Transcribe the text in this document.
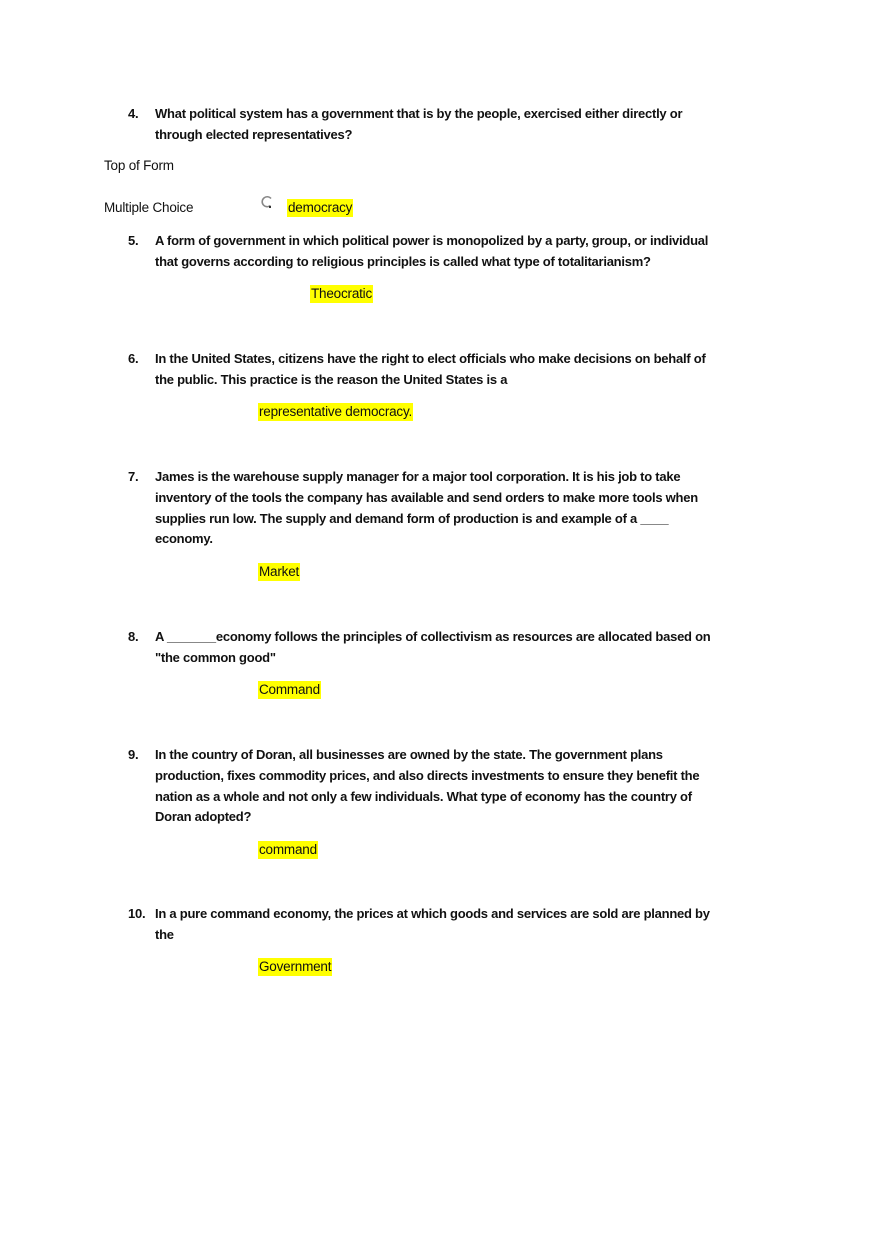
4. What political system has a government that is by the people, exercised either directly or
through elected representatives?
Top of Form
Multiple Choice	democracy
5. A form of government in which political power is monopolized by a party, group, or individual
that governs according to religious principles is called what type of totalitarianism?
Theocratic
6. In the United States, citizens have the right to elect ofﬁcials who make decisions on behalf of
the public. This practice is the reason the United States is a
representative democracy.
7. James is the warehouse supply manager for a major tool corporation. It is his job to take
inventory of the tools the company has available and send orders to make more tools when
supplies run low. The supply and demand form of production is and example of a ____
economy.
Market
8. A _______economy follows the principles of collectivism as resources are allocated based on
"the common good"
Command
9. In the country of Doran, all businesses are owned by the state. The government plans
production, fixes commodity prices, and also directs investments to ensure they benefit the
nation as a whole and not only a few individuals. What type of economy has the country of
Doran adopted?
command
10. In a pure command economy, the prices at which goods and services are sold are planned by
the
Government
